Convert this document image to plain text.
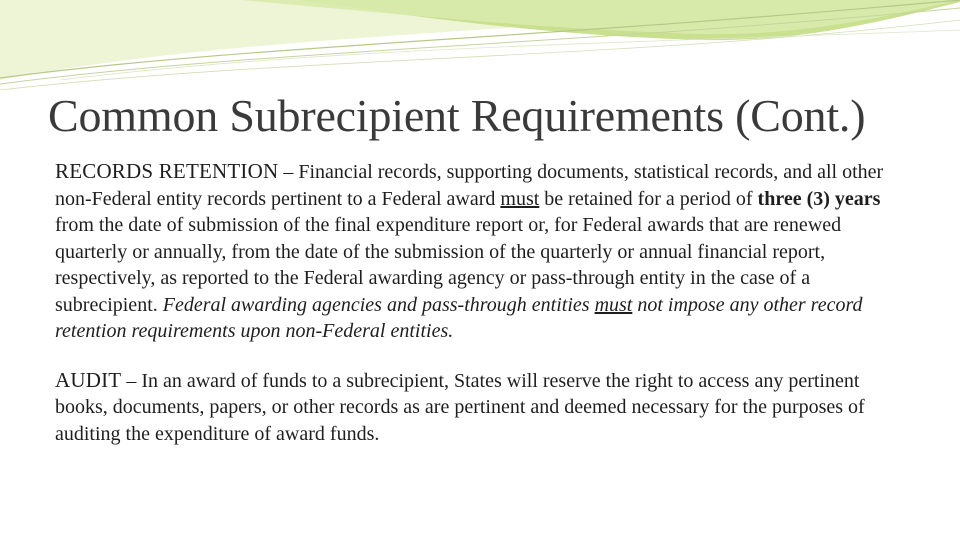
Common Subrecipient Requirements (Cont.)

RECORDS RETENTION – Financial records, supporting documents, statistical records, and all other non-Federal entity records pertinent to a Federal award must be retained for a period of three (3) years from the date of submission of the final expenditure report or, for Federal awards that are renewed quarterly or annually, from the date of the submission of the quarterly or annual financial report, respectively, as reported to the Federal awarding agency or pass-through entity in the case of a subrecipient. Federal awarding agencies and pass-through entities must not impose any other record retention requirements upon non-Federal entities.

AUDIT – In an award of funds to a subrecipient, States will reserve the right to access any pertinent books, documents, papers, or other records as are pertinent and deemed necessary for the purposes of auditing the expenditure of award funds.
